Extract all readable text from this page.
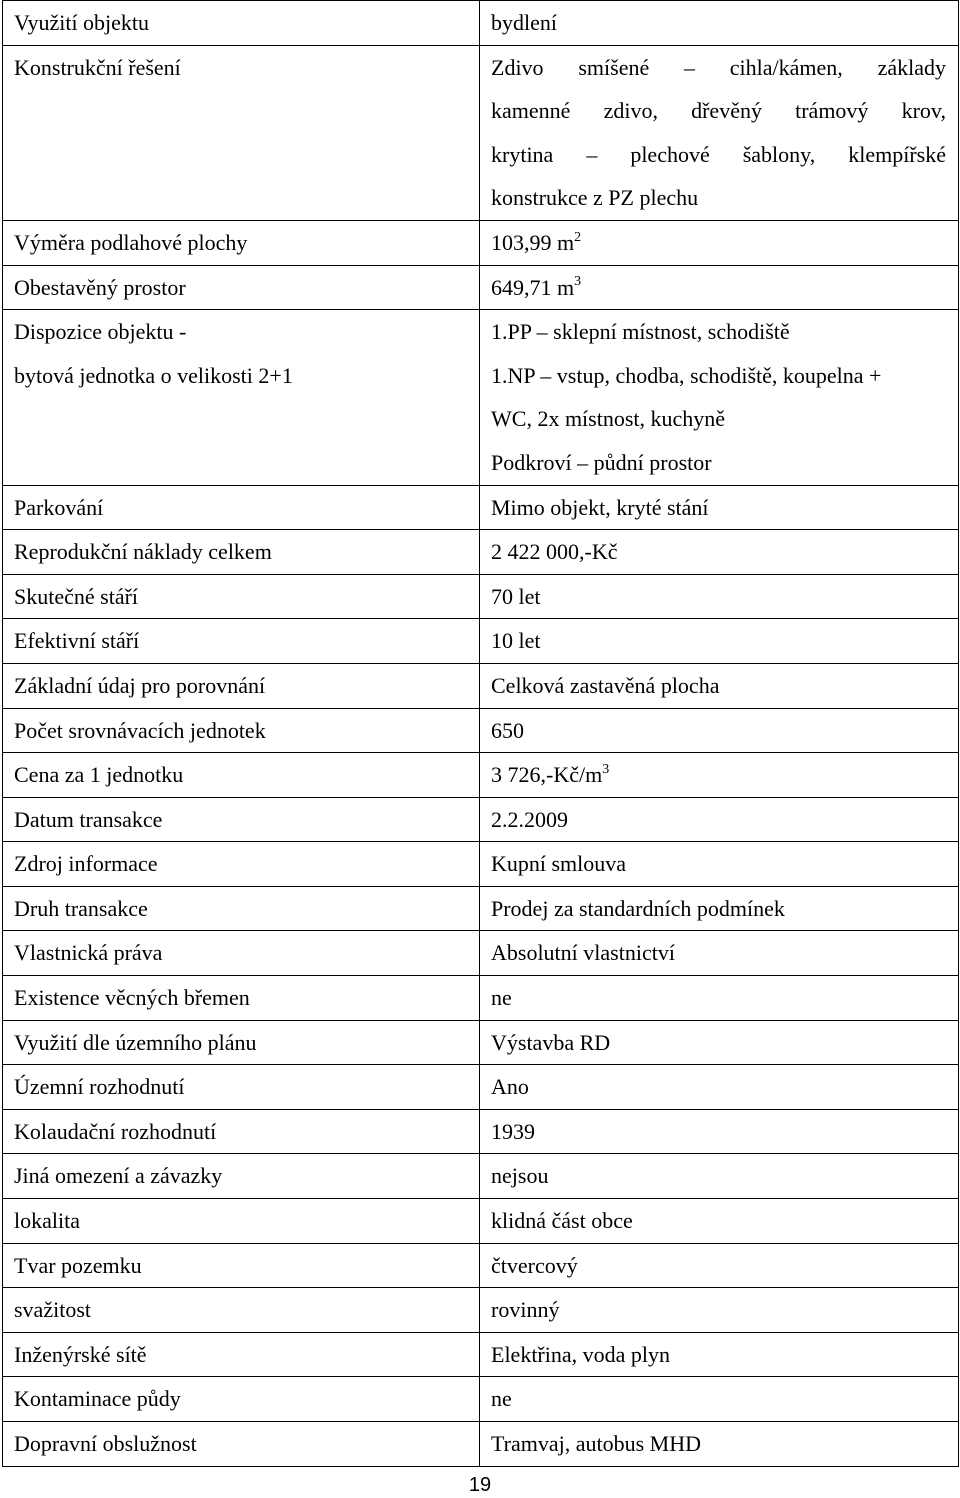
Využití objektu	bydlení

Konstrukční řešení	Zdivo smíšené – cihla/kámen, základy
kamenné zdivo, dřevěný trámový krov,
krytina – plechové šablony, klempířské
konstrukce z PZ plechu

Výměra podlahové plochy	103,99 $m^2$

Obestavěný prostor	649,71 $m^3$

Dispozice objektu -
bytová jednotka o velikosti 2+1	1.PP – sklepní místnost, schodiště
1.NP – vstup, chodba, schodiště, koupelna +
WC, 2x místnost, kuchyně
Podkroví – půdní prostor

Parkování	Mimo objekt, kryté stání

Reprodukční náklady celkem	2 422 000,-Kč

Skutečné stáří	70 let

Efektivní stáří	10 let

Základní údaj pro porovnání	Celková zastavěná plocha

Počet srovnávacích jednotek	650

Cena za 1 jednotku	3 $726,-Kč/m^3$

Datum transakce	2.2.2009

Zdroj informace	Kupní smlouva

Druh transakce	Prodej za standardních podmínek

Vlastnická práva	Absolutní vlastnictví

Existence věcných břemen	ne

Využití dle územního plánu	Výstavba RD

Územní rozhodnutí	Ano

Kolaudační rozhodnutí	1939

Jiná omezení a závazky	nejsou

lokalita	klidná část obce

Tvar pozemku	čtvercový

svažitost	rovinný

Inženýrské sítě	Elektřina, voda plyn

Kontaminace půdy	ne

Dopravní obslužnost	Tramvaj, autobus MHD
19
